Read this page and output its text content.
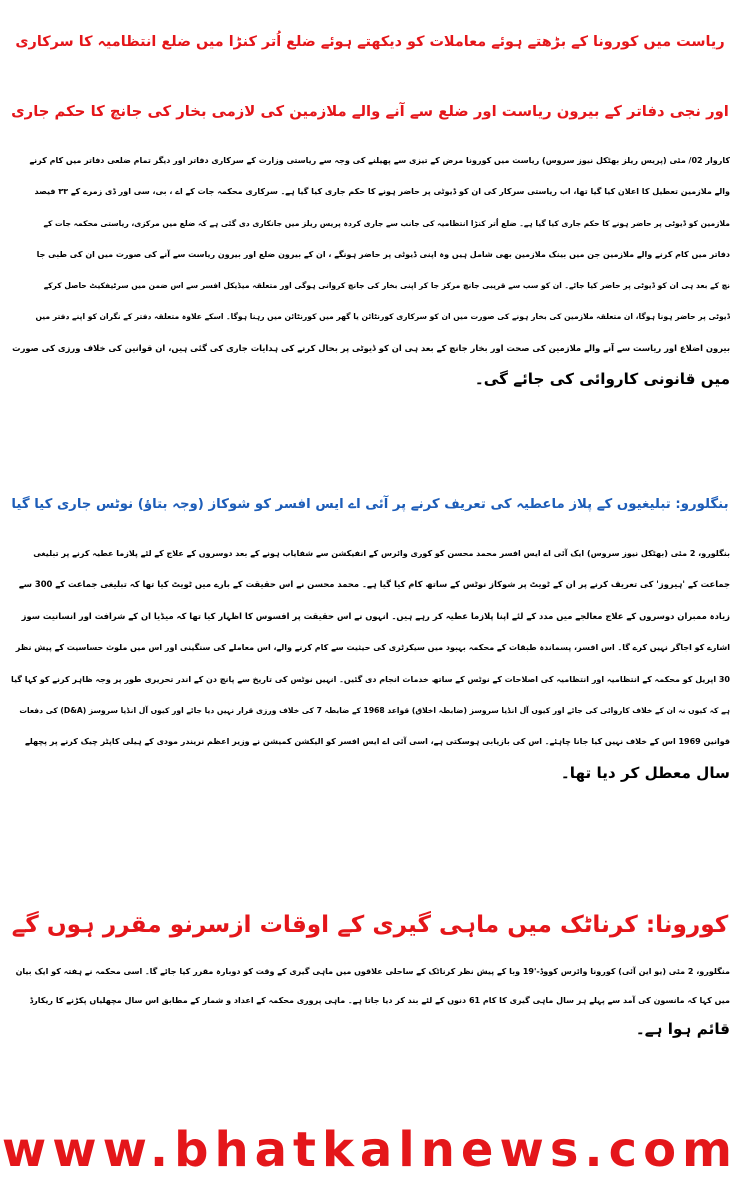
ریاست میں کورونا کے بڑھتے ہوئے معاملات کو دیکھتے ہوئے ضلع اُتر کنڑا میں ضلع انتظامیہ کا سرکاری
اور نجی دفاتر کے بیرون ریاست اور ضلع سے آنے والے ملازمین کی لازمی بخار کی جانچ کا حکم جاری
کاروار 02/ مئی (پریس ریلز بھٹکل نیوز سروس) ریاست میں کورونا مرض کے تیزی سے پھیلنے کی وجہ سے ریاستی وزارت کے سرکاری دفاتر اور دیگر تمام ضلعی دفاتر میں کام کرنے
والے ملازمین تعطیل کا اعلان کیا گیا تھا، اب ریاستی سرکار کی ان کو ڈیوٹی پر حاضر ہونے کا حکم جاری کیا گیا ہے۔ سرکاری محکمہ جات کے اے ، بی، سی اور ڈی زمرے کے ۳۳ فیصد
ملازمین کو ڈیوٹی پر حاضر ہونے کا حکم جاری کیا گیا ہے۔ ضلع اُتر کنڑا انتظامیہ کی جانب سے جاری کردہ پریس ریلز میں جانکاری دی گئی ہے کہ ضلع میں مرکزی، ریاستی محکمہ جات کے
دفاتر میں کام کرنے والے ملازمین جن میں بینک ملازمین بھی شامل ہیں وہ اپنی ڈیوٹی پر حاضر ہونگے ، ان کے بیرون ضلع اور بیرون ریاست سے آنے کی صورت میں ان کی طبی جا
نچ کے بعد ہی ان کو ڈیوٹی پر حاضر کیا جائے۔ ان کو سب سے قریبی جانچ مرکز جا کر اپنی بخار کی جانچ کروانی ہوگی اور متعلقہ میڈیکل افسر سے اس ضمن میں سرٹیفکیٹ حاصل کرکے
ڈیوٹی پر حاضر ہونا ہوگا، ان متعلقہ ملازمین کی بخار ہونے کی صورت میں ان کو سرکاری کورنٹائن یا گھر میں کورنٹائن میں رہنا ہوگا۔ اسکے علاوہ متعلقہ دفتر کے نگران کو اپنے دفتر میں
بیرون اضلاع اور ریاست سے آنے والے ملازمین کی صحت اور بخار جانچ کے بعد ہی ان کو ڈیوٹی پر بحال کرنے کی ہدایات جاری کی گئی ہیں، ان قوانین کی خلاف ورزی کی صورت
میں قانونی کاروائی کی جائے گی۔
بنگلورو: تبلیغیوں کے پلاز ماعطیہ کی تعریف کرنے پر آئی اے ایس افسر کو شوکاز (وجہ بتاؤ) نوٹس جاری کیا گیا
بنگلورو، 2 مئی (بھٹکل نیوز سروس) ایک آئی اے ایس افسر محمد محسن کو کوری وائرس کے انفیکشن سے شفایاب ہونے کے بعد دوسروں کے علاج کے لئے پلازما عطیہ کرنے پر تبلیغی
جماعت کے 'ہیروز' کی تعریف کرنے پر ان کے ٹویٹ پر شوکاز نوٹس کے ساتھ کام کیا گیا ہے۔ محمد محسن نے اس حقیقت کے بارے میں ٹویٹ کیا تھا کہ تبلیغی جماعت کے 300 سے
زیادہ ممبران دوسروں کے علاج معالجے میں مدد کے لئے اپنا پلازما عطیہ کر رہے ہیں۔ انہوں نے اس حقیقت پر افسوس کا اظہار کیا تھا کہ میڈیا ان کے شرافت اور انسانیت سوز
اشارے کو اجاگر نہیں کرے گا۔ اس افسر، پسماندہ طبقات کے محکمہ بہبود میں سیکرٹری کی حیثیت سے کام کرنے والے، اس معاملے کی سنگینی اور اس میں ملوث حساسیت کے پیش نظر
30 اپریل کو محکمہ کے انتظامیہ اور انتظامیہ کی اصلاحات کے نوٹس کے ساتھ خدمات انجام دی گئیں۔ انہیں نوٹس کی تاریخ سے پانچ دن کے اندر تحریری طور پر وجہ ظاہر کرنے کو کہا گیا
ہے کہ کیوں نہ ان کے خلاف کاروائی کی جائے اور کیوں آل انڈیا سروسز (ضابطہ اخلاق) قواعد 1968 کے ضابطہ 7 کی خلاف ورزی قرار نہیں دیا جائے اور کیوں آل انڈیا سروسز (D&A) کی دفعات
قوانین 1969 اس کے خلاف نہیں کیا جانا چاہئے۔ اس کی بازیابی ہوسکتی ہے، اسی آئی اے ایس افسر کو الیکشن کمیشن نے وزیر اعظم نریندر مودی کے ہیلی کاپٹر چیک کرنے پر پچھلے
سال معطل کر دیا تھا۔
کورونا: کرناٹک میں ماہی گیری کے اوقات ازسرنو مقرر ہوں گے
منگلورو، 2 مئی (یو این آئی) کورونا وائرس کووڈ-'19 وبا کے پیش نظر کرناٹک کے ساحلی علاقوں میں ماہی گیری کے وقت کو دوبارہ مقرر کیا جائے گا۔ اسی محکمہ نے ہفتہ کو ایک بیان
میں کہا کہ مانسون کی آمد سے پہلے ہر سال ماہی گیری کا کام 61 دنوں کے لئے بند کر دیا جاتا ہے۔ ماہی پروری محکمہ کے اعداد و شمار کے مطابق اس سال مچھلیاں پکڑنے کا ریکارڈ
قائم ہوا ہے۔
www.bhatkalnews.com
